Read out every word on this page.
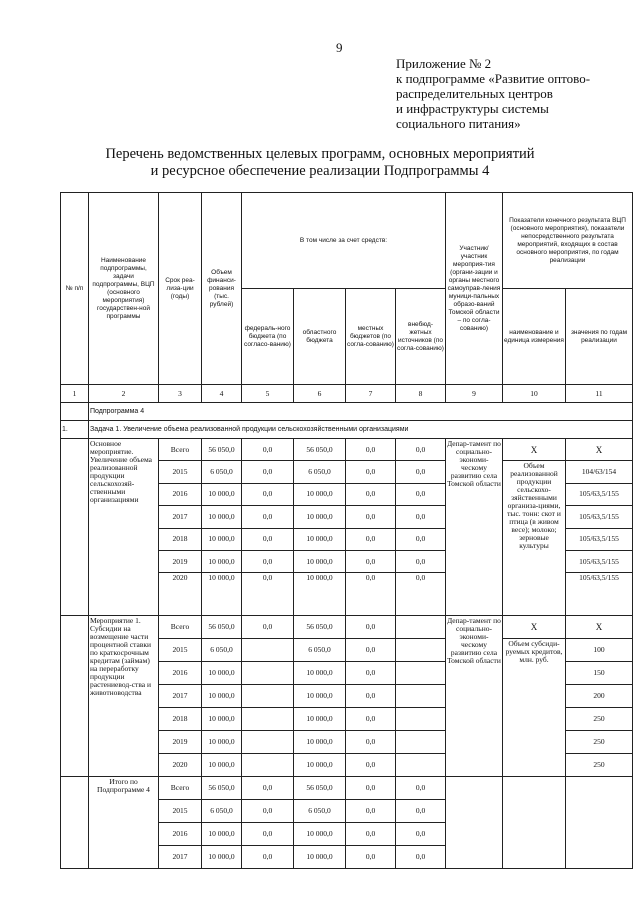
9
Приложение № 2
к подпрограмме «Развитие оптово-
распределительных центров
и инфраструктуры системы
социального питания»
Перечень ведомственных целевых программ, основных мероприятий
и ресурсное обеспечение реализации Подпрограммы 4
№ п/п	Наименование подпрограммы, задачи подпрограммы, ВЦП (основного мероприятия) государствен-ной программы	Срок реа-лиза-ции (годы)	Объем финанси-рования (тыс. рублей)	В том числе за счет средств:				Участник/ участник мероприя-тия (органи-зации и органы местного самоуправ-ления муници-пальных образо-ваний Томской области – по согла-сованию)	Показатели конечного результата ВЦП (основного мероприятия), показатели непосредственного результата мероприятий, входящих в состав основного мероприятия, по годам реализации	
				федераль-ного бюджета (по согласо-ванию)	областного бюджета	местных бюджетов (по согла-сованию)	внебюд-жетных источников (по согла-сованию)		наименование и единица измерения	значения по годам реализации
1	2	3	4	5	6	7	8	9	10	11
	Подпрограмма 4									
1.	Задача 1. Увеличение объема реализованной продукции сельскохозяйственными организациями									
	Основное мероприятие. Увеличение объема реализованной продукции сельскохозяй-ственными организациями	Всего	56 050,0	0,0	56 050,0	0,0	0,0	Депар-тамент по социально-экономи-ческому развитию села Томской области	X	X
		2015	6 050,0	0,0	6 050,0	0,0	0,0		Объем реализованной продукции сельскохо-зяйственными организа-циями, тыс. тонн: скот и птица (в живом весе); молоко; зерновые культуры	104/63/154
		2016	10 000,0	0,0	10 000,0	0,0	0,0			105/63,5/155
		2017	10 000,0	0,0	10 000,0	0,0	0,0			105/63,5/155
		2018	10 000,0	0,0	10 000,0	0,0	0,0			105/63,5/155
		2019	10 000,0	0,0	10 000,0	0,0	0,0			105/63,5/155
		2020	10 000,0	0,0	10 000,0	0,0	0,0			105/63,5/155
	Мероприятие 1. Субсидии на возмещение части процентной ставки по краткосрочным кредитам (займам) на переработку продукции растениевод-ства и животноводства	Всего	56 050,0	0,0	56 050,0	0,0		Депар-тамент по социально-экономи-ческому развитию села Томской области	X	X
		2015	6 050,0		6 050,0	0,0			Объем субсиди-руемых кредитов, млн. руб.	100
		2016	10 000,0		10 000,0	0,0				150
		2017	10 000,0		10 000,0	0,0				200
		2018	10 000,0		10 000,0	0,0				250
		2019	10 000,0		10 000,0	0,0				250
		2020	10 000,0		10 000,0	0,0				250
	Итого по Подпрограмме 4	Всего	56 050,0	0,0	56 050,0	0,0	0,0			
		2015	6 050,0	0,0	6 050,0	0,0	0,0			
		2016	10 000,0	0,0	10 000,0	0,0	0,0			
		2017	10 000,0	0,0	10 000,0	0,0	0,0			
